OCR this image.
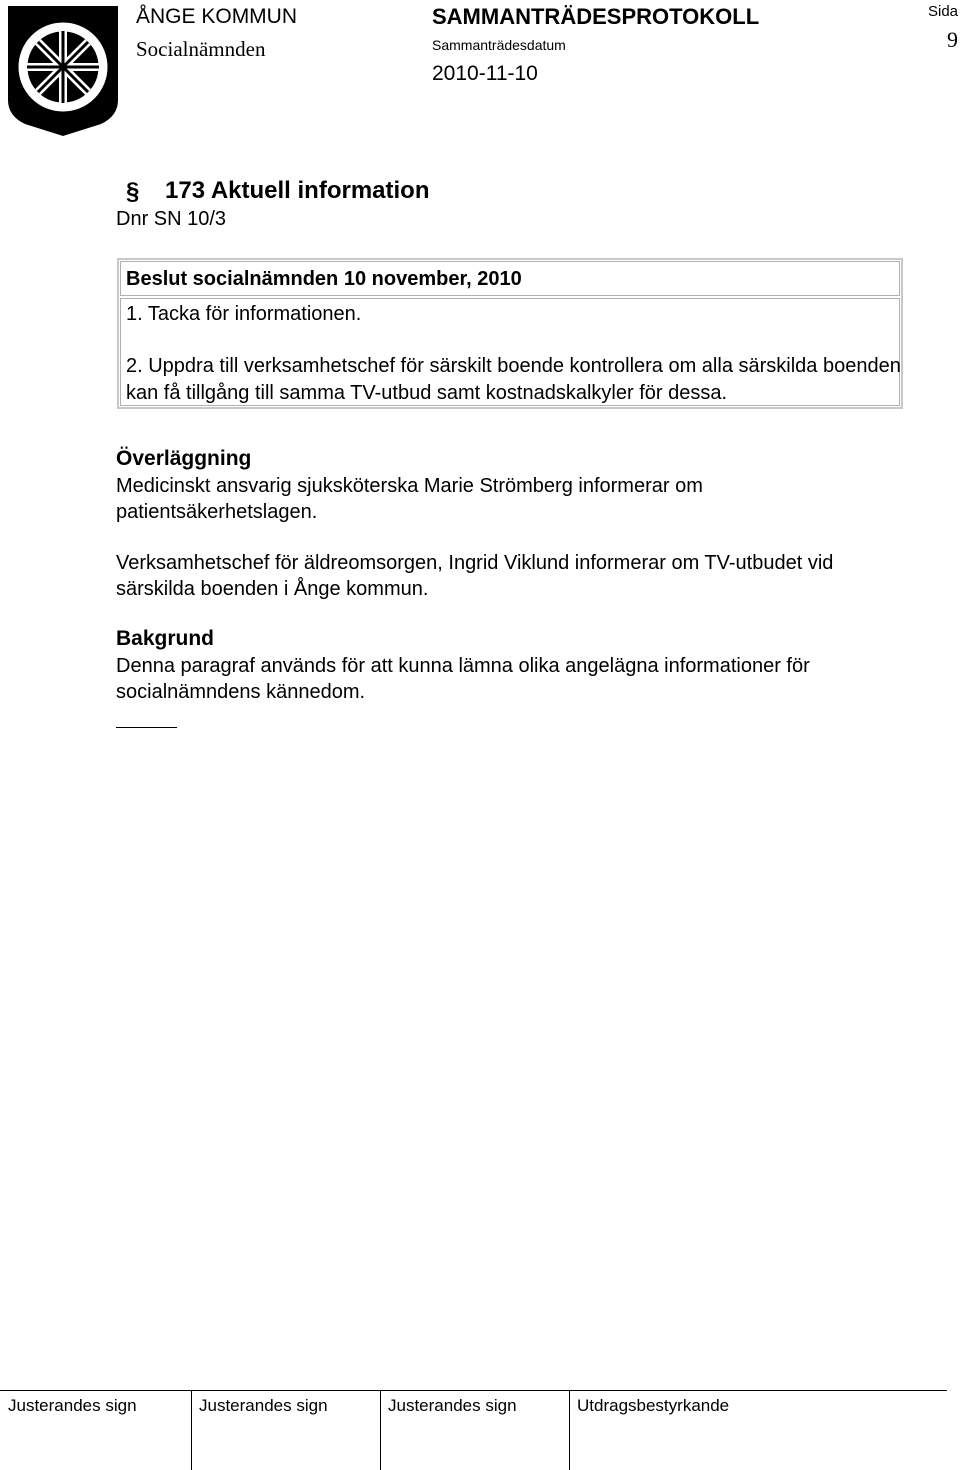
ÅNGE KOMMUN
Socialnämnden
SAMMANTRÄDESPROTOKOLL
Sammanträdesdatum
2010-11-10
Sida
9
§ 173 Aktuell information
Dnr SN 10/3
Beslut socialnämnden 10 november, 2010
1. Tacka för informationen.
2. Uppdra till verksamhetschef för särskilt boende kontrollera om alla särskilda boenden kan få tillgång till samma TV-utbud samt kostnadskalkyler för dessa.
Överläggning
Medicinskt ansvarig sjuksköterska Marie Strömberg informerar om patientsäkerhetslagen.
Verksamhetschef för äldreomsorgen, Ingrid Viklund informerar om TV-utbudet vid särskilda boenden i Ånge kommun.
Bakgrund
Denna paragraf används för att kunna lämna olika angelägna informationer för socialnämndens kännedom.
Justerandes sign	Justerandes sign	Justerandes sign	Utdragsbestyrkande
